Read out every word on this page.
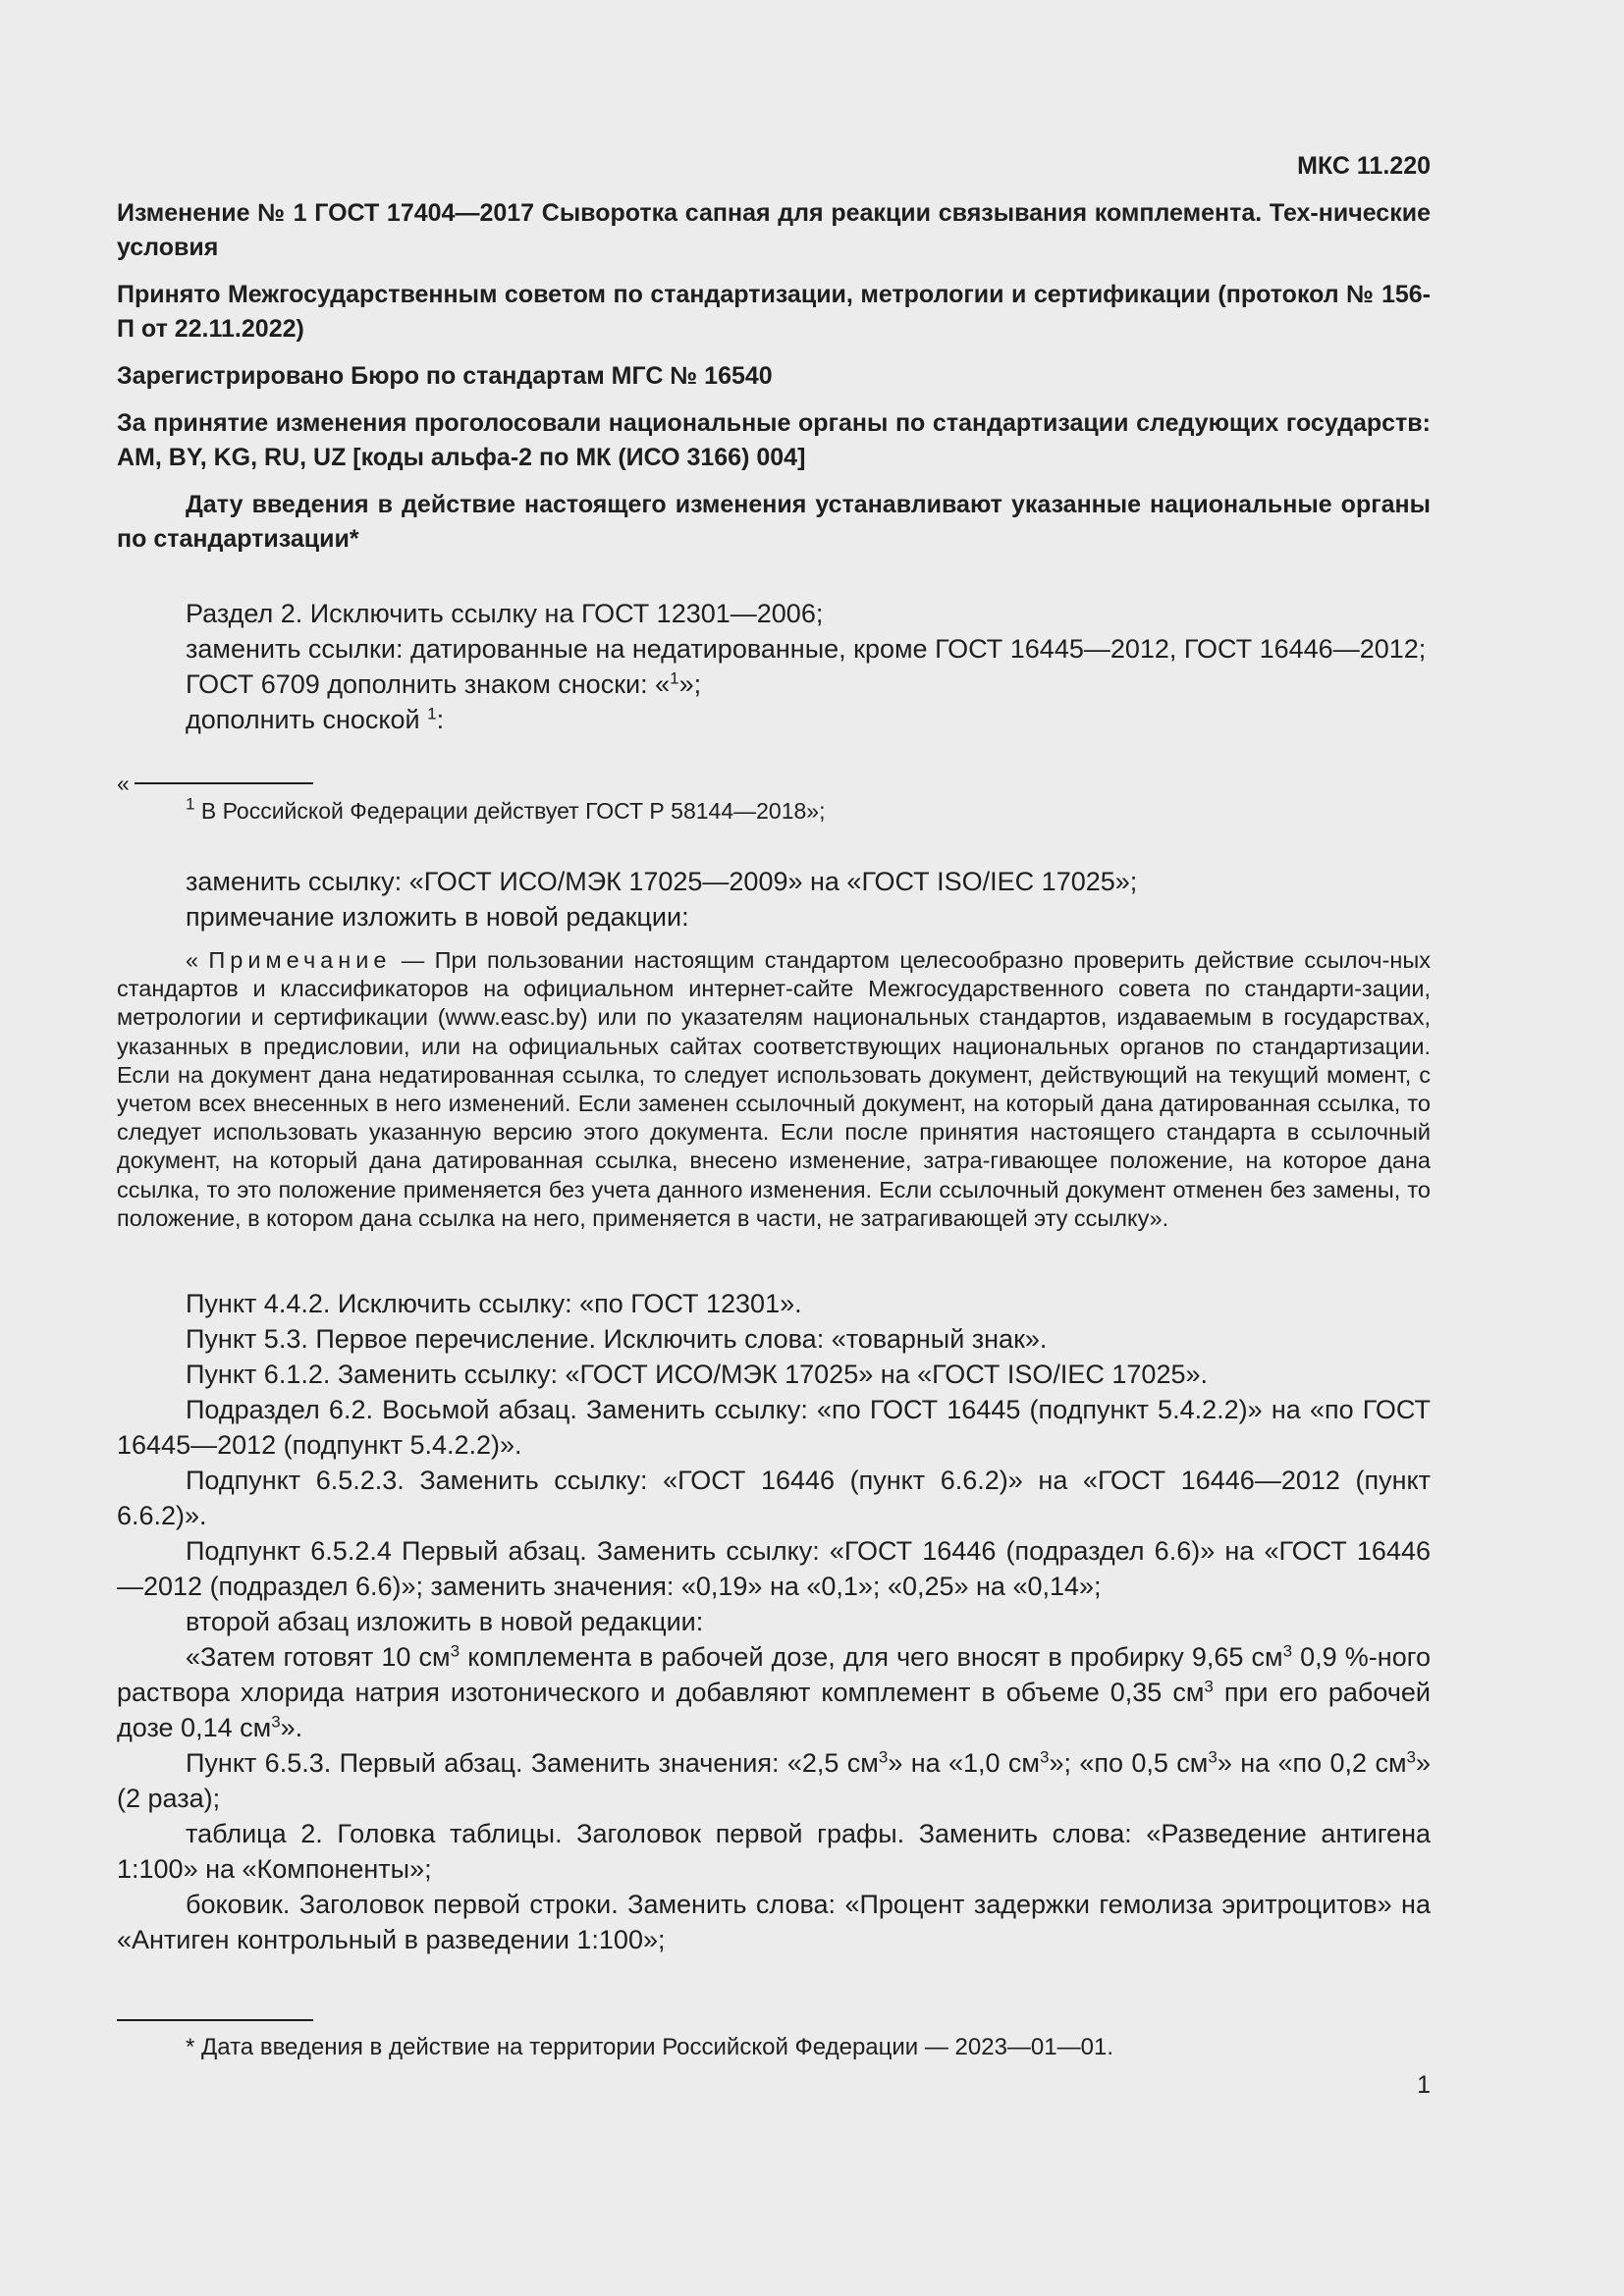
МКС 11.220
Изменение № 1 ГОСТ 17404—2017 Сыворотка сапная для реакции связывания комплемента. Тех-нические условия
Принято Межгосударственным советом по стандартизации, метрологии и сертификации (протокол № 156-П от 22.11.2022)
Зарегистрировано Бюро по стандартам МГС № 16540
За принятие изменения проголосовали национальные органы по стандартизации следующих государств: AM, BY, KG, RU, UZ [коды альфа-2 по МК (ИСО 3166) 004]
Дату введения в действие настоящего изменения устанавливают указанные национальные органы по стандартизации*
Раздел 2. Исключить ссылку на ГОСТ 12301—2006;
заменить ссылки: датированные на недатированные, кроме ГОСТ 16445—2012, ГОСТ 16446—2012;
ГОСТ 6709 дополнить знаком сноски: «$^1$»;
дополнить сноской $^1$:
«
$^1$ В Российской Федерации действует ГОСТ Р 58144—2018»;
заменить ссылку: «ГОСТ ИСО/МЭК 17025—2009» на «ГОСТ ISO/IEC 17025»;
примечание изложить в новой редакции:
« Примечание — При пользовании настоящим стандартом целесообразно проверить действие ссылоч-ных стандартов и классификаторов на официальном интернет-сайте Межгосударственного совета по стандарти-зации, метрологии и сертификации (www.easc.by) или по указателям национальных стандартов, издаваемым в государствах, указанных в предисловии, или на официальных сайтах соответствующих национальных органов по стандартизации. Если на документ дана недатированная ссылка, то следует использовать документ, действующий на текущий момент, с учетом всех внесенных в него изменений. Если заменен ссылочный документ, на который дана датированная ссылка, то следует использовать указанную версию этого документа. Если после принятия настоящего стандарта в ссылочный документ, на который дана датированная ссылка, внесено изменение, затра-гивающее положение, на которое дана ссылка, то это положение применяется без учета данного изменения. Если ссылочный документ отменен без замены, то положение, в котором дана ссылка на него, применяется в части, не затрагивающей эту ссылку».

Пункт 4.4.2. Исключить ссылку: «по ГОСТ 12301».

Пункт 5.3. Первое перечисление. Исключить слова: «товарный знак».

Пункт 6.1.2. Заменить ссылку: «ГОСТ ИСО/МЭК 17025» на «ГОСТ ISO/IEC 17025».

Подраздел 6.2. Восьмой абзац. Заменить ссылку: «по ГОСТ 16445 (подпункт 5.4.2.2)» на «по ГОСТ 16445—2012 (подпункт 5.4.2.2)».

Подпункт 6.5.2.3. Заменить ссылку: «ГОСТ 16446 (пункт 6.6.2)» на «ГОСТ 16446—2012 (пункт 6.6.2)».

Подпункт 6.5.2.4 Первый абзац. Заменить ссылку: «ГОСТ 16446 (подраздел 6.6)» на «ГОСТ 16446 —2012 (подраздел 6.6)»; заменить значения: «0,19» на «0,1»; «0,25» на «0,14»;

второй абзац изложить в новой редакции:

«Затем готовят 10 $см^3$ комплемента в рабочей дозе, для чего вносят в пробирку 9,65 $см^3$ 0,9 %-ного раствора хлорида натрия изотонического и добавляют комплемент в объеме 0,35 $см^3$ при его рабочей дозе 0,14 $см^3$».

Пункт 6.5.3. Первый абзац. Заменить значения: «2,5 $см^3$» на «1,0 $см^3$»; «по 0,5 $см^3$» на «по 0,2 $см^3$» (2 раза);

таблица 2. Головка таблицы. Заголовок первой графы. Заменить слова: «Разведение антигена 1:100» на «Компоненты»;

боковик. Заголовок первой строки. Заменить слова: «Процент задержки гемолиза эритроцитов» на «Антиген контрольный в разведении 1:100»;

* Дата введения в действие на территории Российской Федерации — 2023—01—01.
1
